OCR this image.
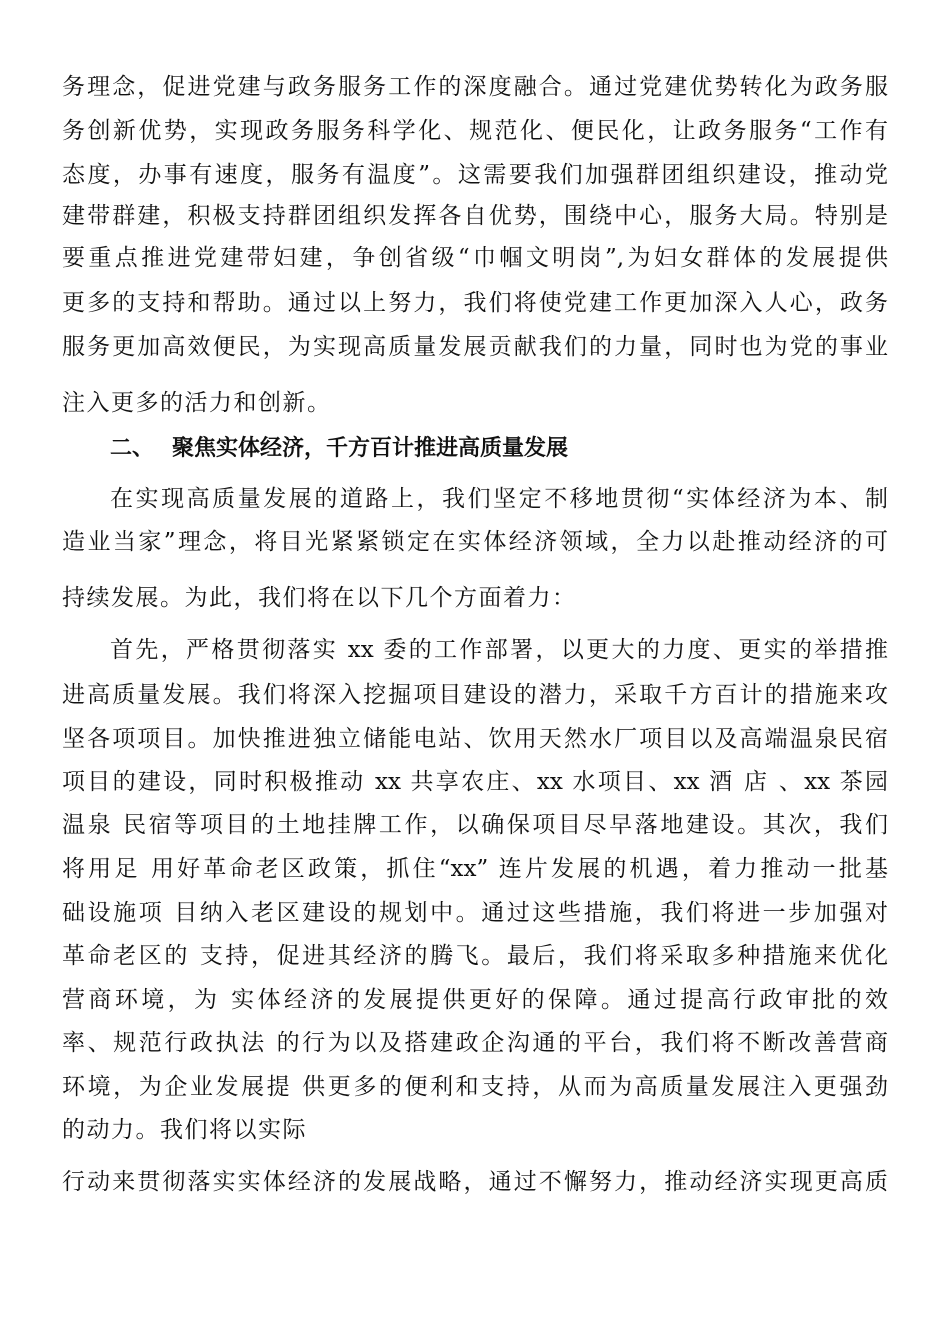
务理念，促进党建与政务服务工作的深度融合。通过党建优势转化为政务服
务创新优势，实现政务服务科学化、规范化、便民化，让政务服务“工作有
态度，办事有速度，服务有温度”。这需要我们加强群团组织建设，推动党
建带群建，积极支持群团组织发挥各自优势，围绕中心，服务大局。特别是
要重点推进党建带妇建，争创省级“巾帼文明岗”,为妇女群体的发展提供
更多的支持和帮助。通过以上努力，我们将使党建工作更加深入人心，政务
服务更加高效便民，为实现高质量发展贡献我们的力量，同时也为党的事业
注入更多的活力和创新。
二、 聚焦实体经济，千方百计推进高质量发展
在实现高质量发展的道路上，我们坚定不移地贯彻“实体经济为本、制
造业当家”理念，将目光紧紧锁定在实体经济领域，全力以赴推动经济的可
持续发展。为此，我们将在以下几个方面着力：
首先，严格贯彻落实 xx 委的工作部署，以更大的力度、更实的举措推
进高质量发展。我们将深入挖掘项目建设的潜力，采取千方百计的措施来攻
坚各项项目。加快推进独立储能电站、饮用天然水厂项目以及高端温泉民宿
项目的建设，同时积极推动 xx 共享农庄、xx 水项目、xx 酒 店 、xx 茶园
温泉 民宿等项目的土地挂牌工作，以确保项目尽早落地建设。其次，我们
将用足 用好革命老区政策，抓住“xx” 连片发展的机遇，着力推动一批基
础设施项 目纳入老区建设的规划中。通过这些措施，我们将进一步加强对
革命老区的 支持，促进其经济的腾飞。最后，我们将采取多种措施来优化
营商环境，为 实体经济的发展提供更好的保障。通过提高行政审批的效
率、规范行政执法 的行为以及搭建政企沟通的平台，我们将不断改善营商
环境，为企业发展提 供更多的便利和支持，从而为高质量发展注入更强劲
的动力。我们将以实际
行动来贯彻落实实体经济的发展战略，通过不懈努力，推动经济实现更高质
